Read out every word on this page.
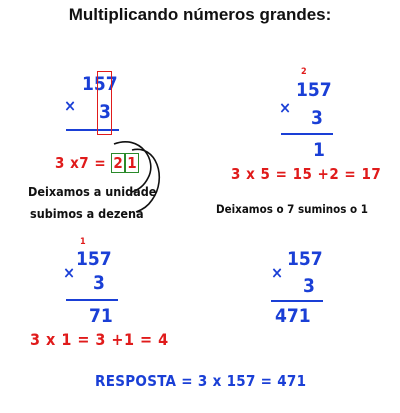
Multiplicando números grandes:
157
× 3
3 x7 = 2 1
Deixamos a unidade
subimos a dezena
2
157
× 3
1
3 x 5 = 15 +2 = 17
Deixamos o 7 suminos o 1
1
157
× 3
71
3 x 1 = 3 +1 = 4
157
×
3
471
RESPOSTA = 3 x 157 = 471
